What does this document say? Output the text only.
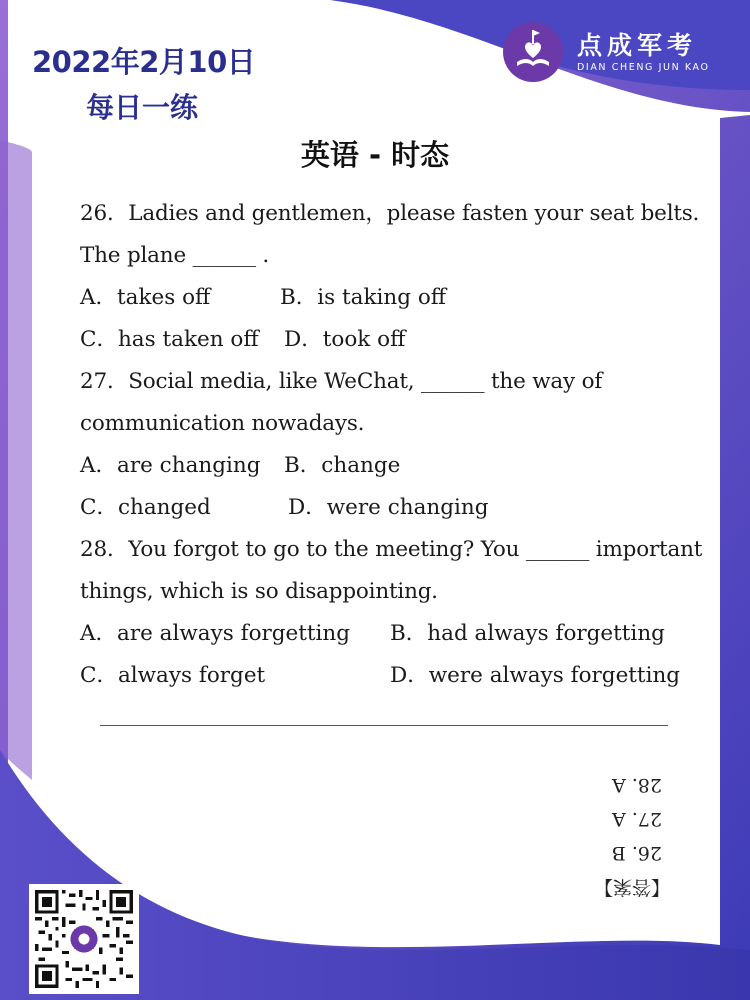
2022年2月10日
每日一练
点成军考
DIAN CHENG JUN KAO
英语 - 时态
26．Ladies and gentlemen，please fasten your seat belts．
The plane ______ ．
A．takes off	B．is taking off
C．has taken off D．took off
27．Social media, like WeChat, ______ the way of
communication nowadays．
A．are changing B．change
C．changed	D．were changing
28．You forgot to go to the meeting? You ______ important
things, which is so disappointing．
A．are always forgetting B．had always forgetting
C．always forget	D．were always forgetting
【答案】
26. B
27. A
28. A
